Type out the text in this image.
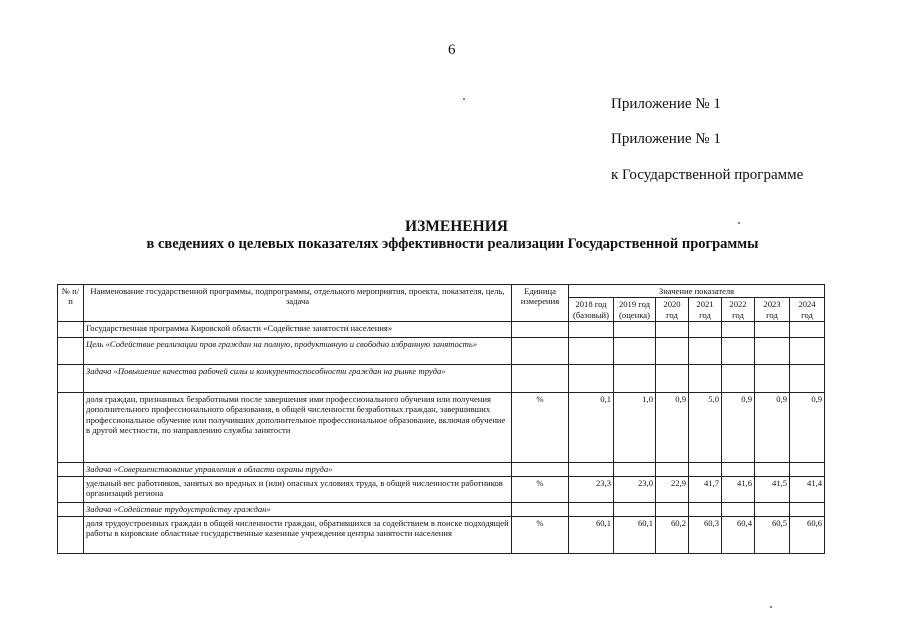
6
Приложение № 1
Приложение № 1
к Государственной программе
ИЗМЕНЕНИЯ
в сведениях о целевых показателях эффективности реализации Государственной программы
№ п/п	Наименование государственной программы, подпрограммы, отдельного мероприятия, проекта, показателя, цель, задача	Единица измерения	Значение показателя						
			2018 год (базовый)	2019 год (оценка)	2020 год	2021 год	2022 год	2023 год	2024 год
	Государственная программа Кировской области «Содействие занятости населения»								
	Цель «Содействие реализации прав граждан на полную, продуктивную и свободно избранную занятость»								
	Задача «Повышение качества рабочей силы и конкурентоспособности граждан на рынке труда»								
	доля граждан, признанных безработными после завершения ими профессионального обучения или получения дополнительного профессионального образования, в общей численности безработных граждан, завершивших профессиональное обучение или получивших дополнительное профессиональное образование, включая обучение в другой местности, по направлению службы занятости	%	0,1	1,0	0,9	5,0	0,9	0,9	0,9
	Задача «Совершенствование управления в области охраны труда»								
	удельный вес работников, занятых во вредных и (или) опасных условиях труда, в общей численности работников организаций региона	%	23,3	23,0	22,9	41,7	41,6	41,5	41,4
	Задача «Содействие трудоустройству граждан»								
	доля трудоустроенных граждан в общей численности граждан, обратившихся за содействием в поиске подходящей работы в кировские областные государственные казенные учреждения центры занятости населения	%	60,1	60,1	60,2	60,3	60,4	60,5	60,6
